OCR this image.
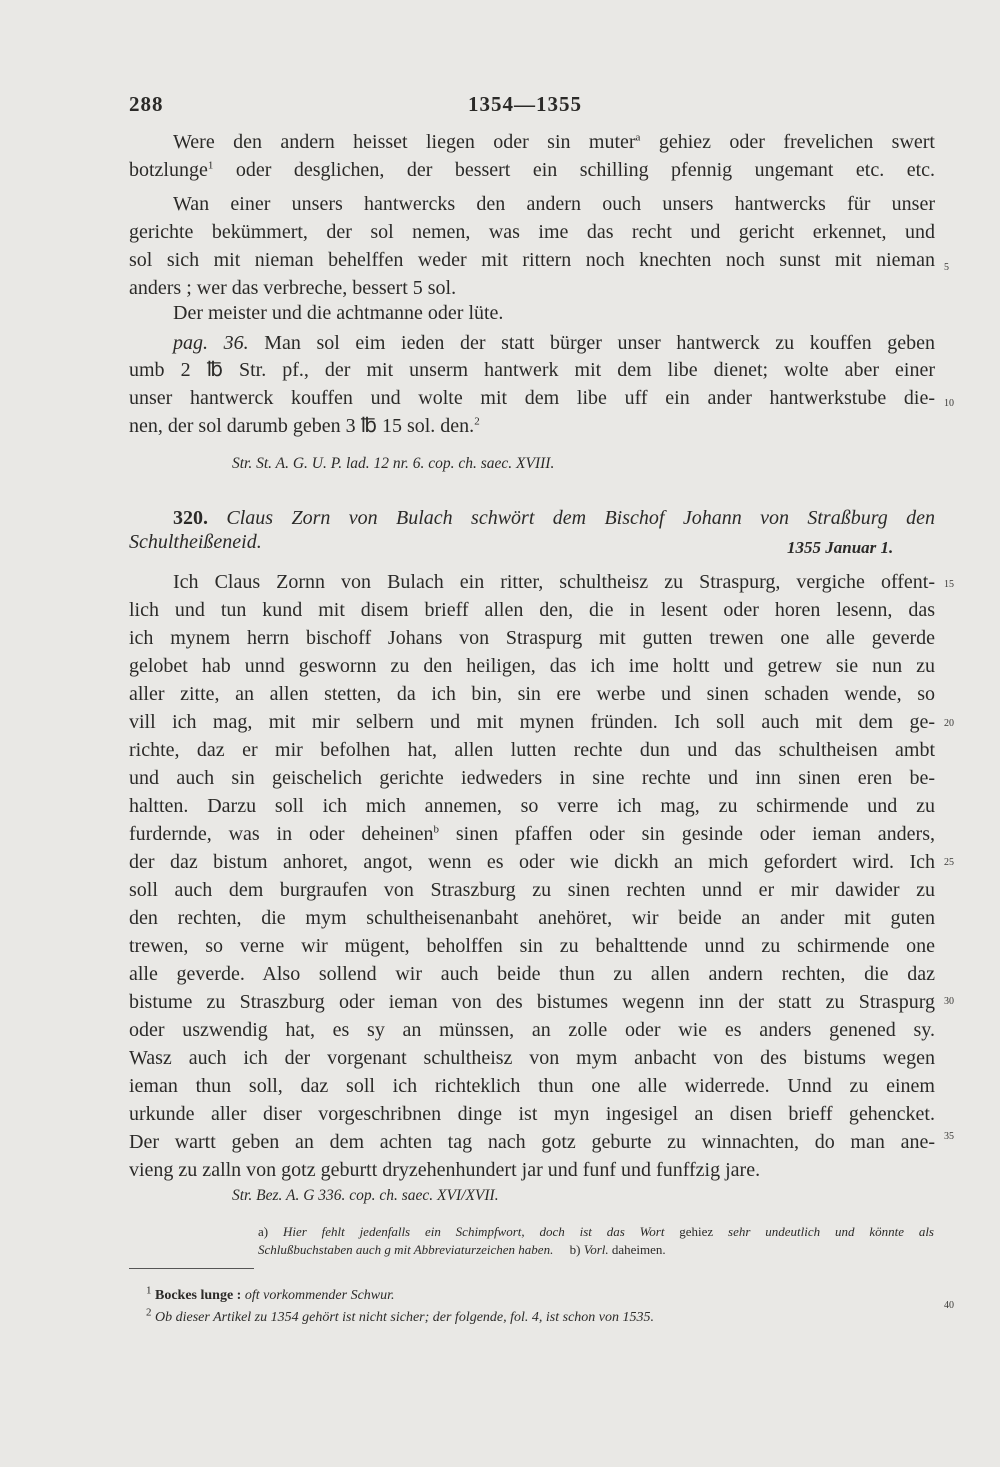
288	1354—1355
Were den andern heisset liegen oder sin muter$^a$ gehiez oder frevelichen swert
botzlunge$^1$ oder desglichen, der bessert ein schilling pfennig ungemant etc. etc.
Wan einer unsers hantwercks den andern ouch unsers hantwercks für unser
gerichte bekümmert, der sol nemen, was ime das recht und gericht erkennet, und
sol sich mit nieman behelffen weder mit rittern noch knechten noch sunst mit nieman
anders ; wer das verbreche, bessert 5 sol.
Der meister und die achtmanne oder lüte.
pag. 36. Man sol eim ieden der statt bürger unser hantwerck zu kouffen geben
umb 2 ℔ Str. pf., der mit unserm hantwerk mit dem libe dienet; wolte aber einer
unser hantwerck kouffen und wolte mit dem libe uff ein ander hantwerkstube die-
nen, der sol darumb geben 3 ℔ 15 sol. den.$^2$
Str. St. A. G. U. P. lad. 12 nr. 6. cop. ch. saec. XVIII.
320. Claus Zorn von Bulach schwört dem Bischof Johann von Straßburg den
Schultheißeneid.	1355 Januar 1.
Ich Claus Zornn von Bulach ein ritter, schultheisz zu Straspurg, vergiche offent-
lich und tun kund mit disem brieff allen den, die in lesent oder horen lesenn, das
ich mynem herrn bischoff Johans von Straspurg mit gutten trewen one alle geverde
gelobet hab unnd geswornn zu den heiligen, das ich ime holtt und getrew sie nun zu
aller zitte, an allen stetten, da ich bin, sin ere werbe und sinen schaden wende, so
vill ich mag, mit mir selbern und mit mynen fründen. Ich soll auch mit dem ge-
richte, daz er mir befolhen hat, allen lutten rechte dun und das schultheisen ambt
und auch sin geischelich gerichte iedweders in sine rechte und inn sinen eren be-
haltten. Darzu soll ich mich annemen, so verre ich mag, zu schirmende und zu
furdernde, was in oder deheinen$^b$ sinen pfaffen oder sin gesinde oder ieman anders,
der daz bistum anhoret, angot, wenn es oder wie dickh an mich gefordert wird. Ich
soll auch dem burgraufen von Straszburg zu sinen rechten unnd er mir dawider zu
den rechten, die mym schultheisenanbaht anehöret, wir beide an ander mit guten
trewen, so verne wir mügent, beholffen sin zu behalttende unnd zu schirmende one
alle geverde. Also sollend wir auch beide thun zu allen andern rechten, die daz
bistume zu Straszburg oder ieman von des bistumes wegenn inn der statt zu Straspurg
oder uszwendig hat, es sy an münssen, an zolle oder wie es anders genened sy.
Wasz auch ich der vorgenant schultheisz von mym anbacht von des bistums wegen
ieman thun soll, daz soll ich richteklich thun one alle widerrede. Unnd zu einem
urkunde aller diser vorgeschribnen dinge ist myn ingesigel an disen brieff gehencket.
Der wartt geben an dem achten tag nach gotz geburte zu winnachten, do man ane-
vieng zu zalln von gotz geburtt dryzehenhundert jar und funf und funffzig jare.
Str. Bez. A. G 336. cop. ch. saec. XVI/XVII.
a) Hier fehlt jedenfalls ein Schimpfwort, doch ist das Wort gehiez sehr undeutlich und könnte als
Schlußbuchstaben auch g mit Abbreviaturzeichen haben. b) Vorl. daheimen.
$^1$ Bockes lunge : oft vorkommender Schwur.
$^2$ Ob dieser Artikel zu 1354 gehört ist nicht sicher; der folgende, fol. 4, ist schon von 1535.
5
10
15
20
25
30
35
40
